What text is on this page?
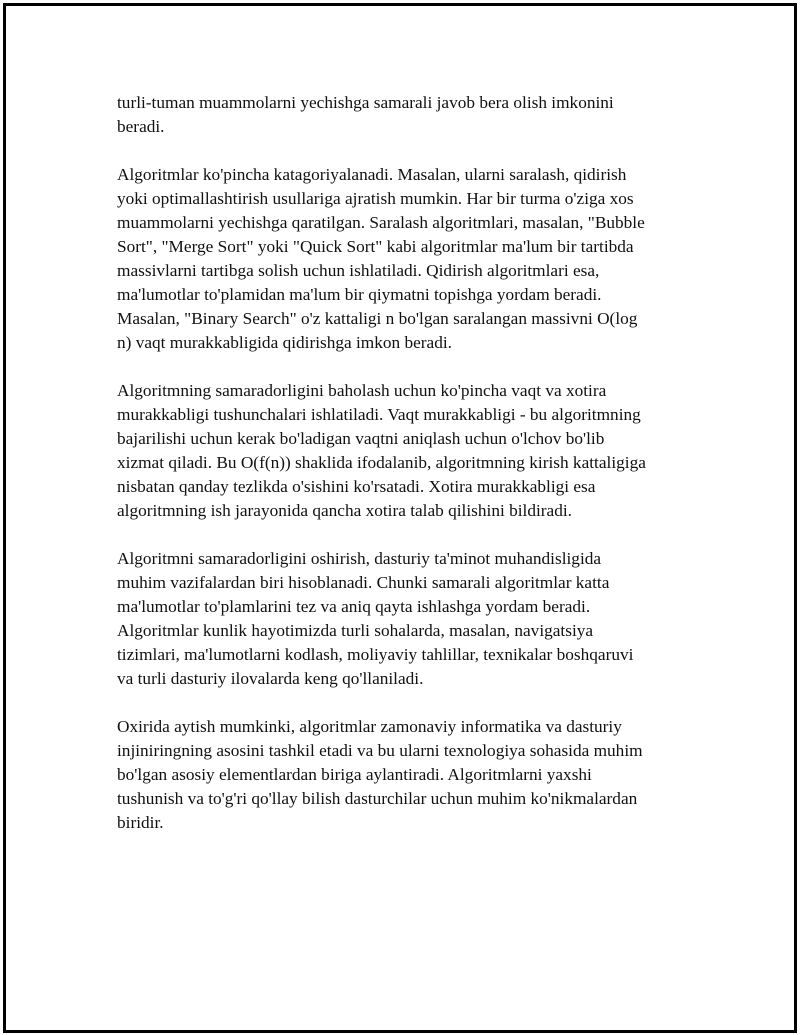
turli-tuman muammolarni yechishga samarali javob bera olish imkonini
beradi.

Algoritmlar ko'pincha katagoriyalanadi. Masalan, ularni saralash, qidirish
yoki optimallashtirish usullariga ajratish mumkin. Har bir turma o'ziga xos
muammolarni yechishga qaratilgan. Saralash algoritmlari, masalan, "Bubble
Sort", "Merge Sort" yoki "Quick Sort" kabi algoritmlar ma'lum bir tartibda
massivlarni tartibga solish uchun ishlatiladi. Qidirish algoritmlari esa,
ma'lumotlar to'plamidan ma'lum bir qiymatni topishga yordam beradi.
Masalan, "Binary Search" o'z kattaligi n bo'lgan saralangan massivni O(log
n) vaqt murakkabligida qidirishga imkon beradi.

Algoritmning samaradorligini baholash uchun ko'pincha vaqt va xotira
murakkabligi tushunchalari ishlatiladi. Vaqt murakkabligi - bu algoritmning
bajarilishi uchun kerak bo'ladigan vaqtni aniqlash uchun o'lchov bo'lib
xizmat qiladi. Bu O(f(n)) shaklida ifodalanib, algoritmning kirish kattaligiga
nisbatan qanday tezlikda o'sishini ko'rsatadi. Xotira murakkabligi esa
algoritmning ish jarayonida qancha xotira talab qilishini bildiradi.

Algoritmni samaradorligini oshirish, dasturiy ta'minot muhandisligida
muhim vazifalardan biri hisoblanadi. Chunki samarali algoritmlar katta
ma'lumotlar to'plamlarini tez va aniq qayta ishlashga yordam beradi.
Algoritmlar kunlik hayotimizda turli sohalarda, masalan, navigatsiya
tizimlari, ma'lumotlarni kodlash, moliyaviy tahlillar, texnikalar boshqaruvi
va turli dasturiy ilovalarda keng qo'llaniladi.

Oxirida aytish mumkinki, algoritmlar zamonaviy informatika va dasturiy
injiniringning asosini tashkil etadi va bu ularni texnologiya sohasida muhim
bo'lgan asosiy elementlardan biriga aylantiradi. Algoritmlarni yaxshi
tushunish va to'g'ri qo'llay bilish dasturchilar uchun muhim ko'nikmalardan
biridir.
